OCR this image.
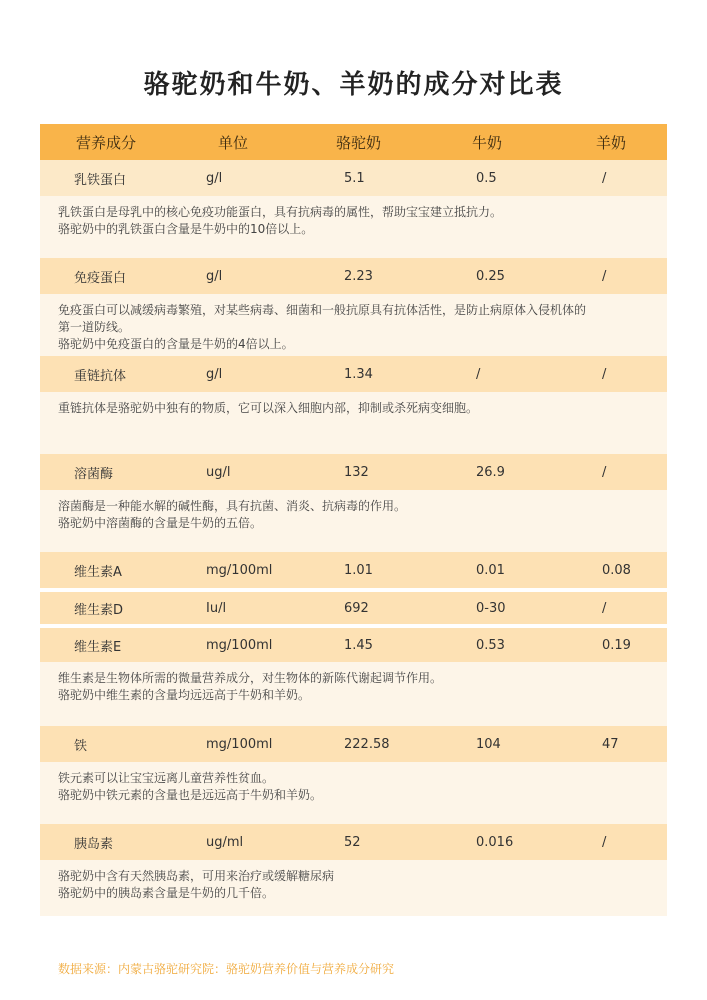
骆驼奶和牛奶、羊奶的成分对比表
营养成分	单位	骆驼奶	牛奶	羊奶
乳铁蛋白	g/l	5.1	0.5	/
乳铁蛋白是母乳中的核心免疫功能蛋白，具有抗病毒的属性，帮助宝宝建立抵抗力。
骆驼奶中的乳铁蛋白含量是牛奶中的10倍以上。
免疫蛋白	g/l	2.23	0.25	/
免疫蛋白可以减缓病毒繁殖，对某些病毒、细菌和一般抗原具有抗体活性，是防止病原体入侵机体的
第一道防线。
骆驼奶中免疫蛋白的含量是牛奶的4倍以上。
重链抗体	g/l	1.34	/	/
重链抗体是骆驼奶中独有的物质，它可以深入细胞内部，抑制或杀死病变细胞。
溶菌酶	ug/l	132	26.9	/
溶菌酶是一种能水解的碱性酶，具有抗菌、消炎、抗病毒的作用。
骆驼奶中溶菌酶的含量是牛奶的五倍。
维生素A	mg/100ml	1.01	0.01	0.08
维生素D	Iu/l	692	0-30	/
维生素E	mg/100ml	1.45	0.53	0.19
维生素是生物体所需的微量营养成分，对生物体的新陈代谢起调节作用。
骆驼奶中维生素的含量均远远高于牛奶和羊奶。
铁	mg/100ml	222.58	104	47
铁元素可以让宝宝远离儿童营养性贫血。
骆驼奶中铁元素的含量也是远远高于牛奶和羊奶。
胰岛素	ug/ml	52	0.016	/
骆驼奶中含有天然胰岛素，可用来治疗或缓解糖尿病
骆驼奶中的胰岛素含量是牛奶的几千倍。
数据来源：内蒙古骆驼研究院：骆驼奶营养价值与营养成分研究
